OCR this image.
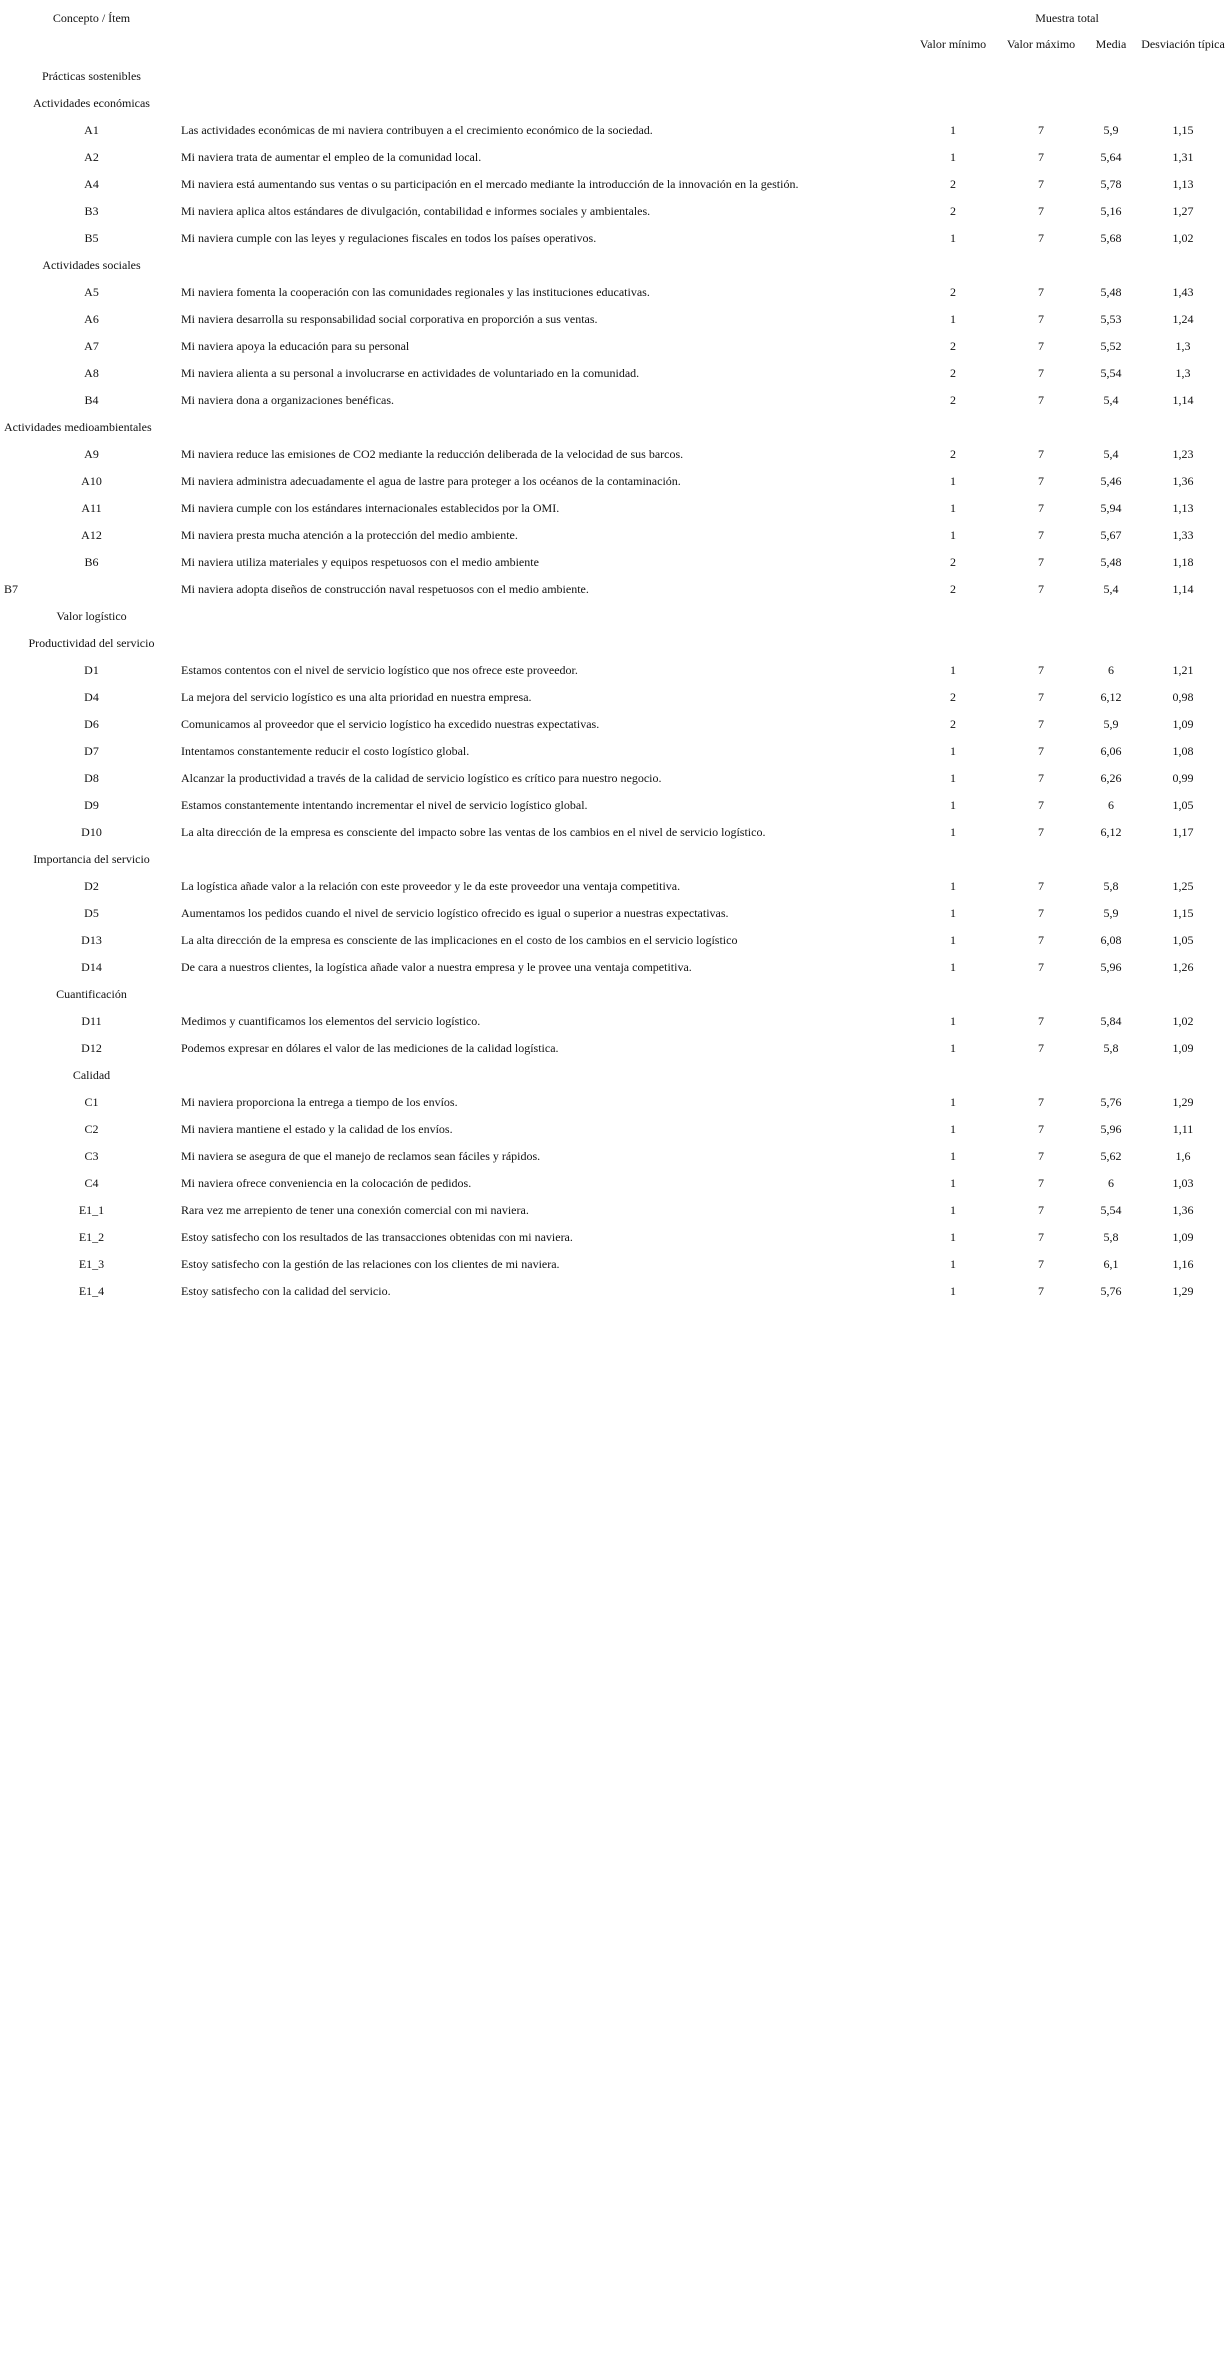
Concepto / Ítem		Muestra total			
		Valor mínimo	Valor máximo	Media	Desviación típica

Prácticas sostenibles					
Actividades económicas					
A1	Las actividades económicas de mi naviera contribuyen a el crecimiento económico de la sociedad.	1	7	5,9	1,15
A2	Mi naviera trata de aumentar el empleo de la comunidad local.	1	7	5,64	1,31
A4	Mi naviera está aumentando sus ventas o su participación en el mercado mediante la introducción de la innovación en la gestión.	2	7	5,78	1,13
B3	Mi naviera aplica altos estándares de divulgación, contabilidad e informes sociales y ambientales.	2	7	5,16	1,27
B5	Mi naviera cumple con las leyes y regulaciones fiscales en todos los países operativos.	1	7	5,68	1,02
Actividades sociales					
A5	Mi naviera fomenta la cooperación con las comunidades regionales y las instituciones educativas.	2	7	5,48	1,43
A6	Mi naviera desarrolla su responsabilidad social corporativa en proporción a sus ventas.	1	7	5,53	1,24
A7	Mi naviera apoya la educación para su personal	2	7	5,52	1,3
A8	Mi naviera alienta a su personal a involucrarse en actividades de voluntariado en la comunidad.	2	7	5,54	1,3
B4	Mi naviera dona a organizaciones benéficas.	2	7	5,4	1,14
Actividades medioambientales					
A9	Mi naviera reduce las emisiones de CO2 mediante la reducción deliberada de la velocidad de sus barcos.	2	7	5,4	1,23
A10	Mi naviera administra adecuadamente el agua de lastre para proteger a los océanos de la contaminación.	1	7	5,46	1,36
A11	Mi naviera cumple con los estándares internacionales establecidos por la OMI.	1	7	5,94	1,13
A12	Mi naviera presta mucha atención a la protección del medio ambiente.	1	7	5,67	1,33
B6	Mi naviera utiliza materiales y equipos respetuosos con el medio ambiente	2	7	5,48	1,18
B7	Mi naviera adopta diseños de construcción naval respetuosos con el medio ambiente.	2	7	5,4	1,14
Valor logístico					
Productividad del servicio					
D1	Estamos contentos con el nivel de servicio logístico que nos ofrece este proveedor.	1	7	6	1,21
D4	La mejora del servicio logístico es una alta prioridad en nuestra empresa.	2	7	6,12	0,98
D6	Comunicamos al proveedor que el servicio logístico ha excedido nuestras expectativas.	2	7	5,9	1,09
D7	Intentamos constantemente reducir el costo logístico global.	1	7	6,06	1,08
D8	Alcanzar la productividad a través de la calidad de servicio logístico es crítico para nuestro negocio.	1	7	6,26	0,99
D9	Estamos constantemente intentando incrementar el nivel de servicio logístico global.	1	7	6	1,05
D10	La alta dirección de la empresa es consciente del impacto sobre las ventas de los cambios en el nivel de servicio logístico.	1	7	6,12	1,17
Importancia del servicio					
D2	La logística añade valor a la relación con este proveedor y le da este proveedor una ventaja competitiva.	1	7	5,8	1,25
D5	Aumentamos los pedidos cuando el nivel de servicio logístico ofrecido es igual o superior a nuestras expectativas.	1	7	5,9	1,15
D13	La alta dirección de la empresa es consciente de las implicaciones en el costo de los cambios en el servicio logístico	1	7	6,08	1,05
D14	De cara a nuestros clientes, la logística añade valor a nuestra empresa y le provee una ventaja competitiva.	1	7	5,96	1,26
Cuantificación					
D11	Medimos y cuantificamos los elementos del servicio logístico.	1	7	5,84	1,02
D12	Podemos expresar en dólares el valor de las mediciones de la calidad logística.	1	7	5,8	1,09
Calidad					
C1	Mi naviera proporciona la entrega a tiempo de los envíos.	1	7	5,76	1,29
C2	Mi naviera mantiene el estado y la calidad de los envíos.	1	7	5,96	1,11
C3	Mi naviera se asegura de que el manejo de reclamos sean fáciles y rápidos.	1	7	5,62	1,6
C4	Mi naviera ofrece conveniencia en la colocación de pedidos.	1	7	6	1,03
E1_1	Rara vez me arrepiento de tener una conexión comercial con mi naviera.	1	7	5,54	1,36
E1_2	Estoy satisfecho con los resultados de las transacciones obtenidas con mi naviera.	1	7	5,8	1,09
E1_3	Estoy satisfecho con la gestión de las relaciones con los clientes de mi naviera.	1	7	6,1	1,16
E1_4	Estoy satisfecho con la calidad del servicio.	1	7	5,76	1,29
